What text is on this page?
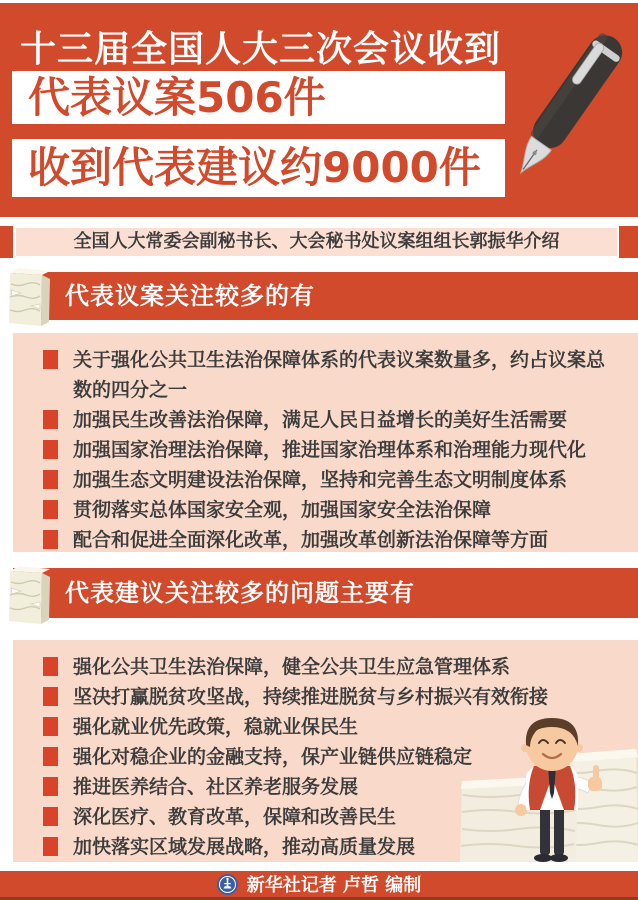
十三届全国人大三次会议收到
代表议案506件
收到代表建议约9000件
全国人大常委会副秘书长、大会秘书处议案组组长郭振华介绍
代表议案关注较多的有
关于强化公共卫生法治保障体系的代表议案数量多，约占议案总数的四分之一
加强民生改善法治保障，满足人民日益增长的美好生活需要
加强国家治理法治保障，推进国家治理体系和治理能力现代化
加强生态文明建设法治保障，坚持和完善生态文明制度体系
贯彻落实总体国家安全观，加强国家安全法治保障
配合和促进全面深化改革，加强改革创新法治保障等方面
代表建议关注较多的问题主要有
强化公共卫生法治保障，健全公共卫生应急管理体系
坚决打赢脱贫攻坚战，持续推进脱贫与乡村振兴有效衔接
强化就业优先政策，稳就业保民生
强化对稳企业的金融支持，保产业链供应链稳定
推进医养结合、社区养老服务发展
深化医疗、教育改革，保障和改善民生
加快落实区域发展战略，推动高质量发展
新华社记者 卢哲 编制
